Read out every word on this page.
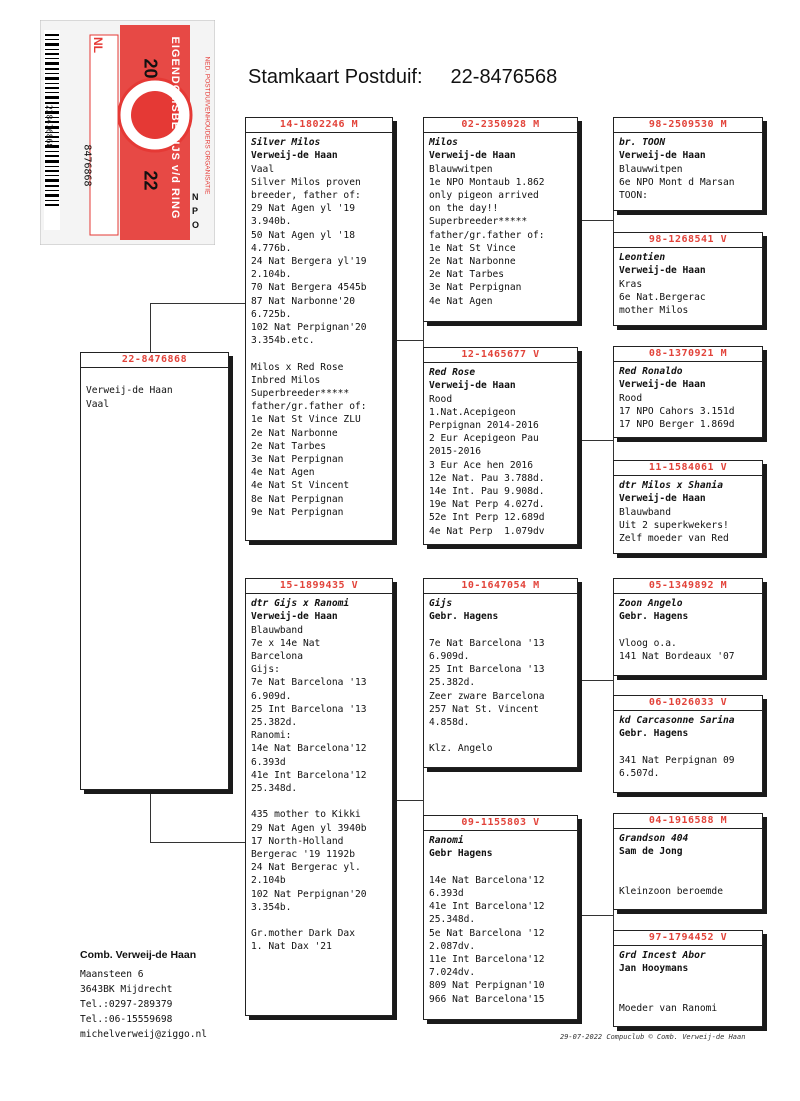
228476868	EIGENDOMSBEWIJS v/d RING	NED. POSTDUIVENHOUDERS ORGANISATIE
20
22
NL
8476868
N
P
O
Stamkaart Postduif: 22-8476568
22-8476868
Verweij-de Haan
Vaal
14-1802246 M
Silver Milos
Verweij-de Haan
Vaal
Silver Milos proven
breeder, father of:
29 Nat Agen yl '19
3.940b.
50 Nat Agen yl '18
4.776b.
24 Nat Bergera yl'19
2.104b.
70 Nat Bergera 4545b
87 Nat Narbonne'20
6.725b.
102 Nat Perpignan'20
3.354b.etc.
Milos x Red Rose
Inbred Milos
Superbreeder*****
father/gr.father of:
1e Nat St Vince ZLU
2e Nat Narbonne
2e Nat Tarbes
3e Nat Perpignan
4e Nat Agen
4e Nat St Vincent
8e Nat Perpignan
9e Nat Perpignan
15-1899435 V
dtr Gijs x Ranomi
Verweij-de Haan
Blauwband
7e x 14e Nat
Barcelona
Gijs:
7e Nat Barcelona '13
6.909d.
25 Int Barcelona '13
25.382d.
Ranomi:
14e Nat Barcelona'12
6.393d
41e Int Barcelona'12
25.348d.
435 mother to Kikki
29 Nat Agen yl 3940b
17 North-Holland
Bergerac '19 1192b
24 Nat Bergerac yl.
2.104b
102 Nat Perpignan'20
3.354b.
Gr.mother Dark Dax
1. Nat Dax '21
02-2350928 M
Milos
Verweij-de Haan
Blauwwitpen
1e NPO Montaub 1.862
only pigeon arrived
on the day!!
Superbreeder*****
father/gr.father of:
1e Nat St Vince
2e Nat Narbonne
2e Nat Tarbes
3e Nat Perpignan
4e Nat Agen
12-1465677 V
Red Rose
Verweij-de Haan
Rood
1.Nat.Acepigeon
Perpignan 2014-2016
2 Eur Acepigeon Pau
2015-2016
3 Eur Ace hen 2016
12e Nat. Pau 3.788d.
14e Int. Pau 9.908d.
19e Nat Perp 4.027d.
52e Int Perp 12.689d
4e Nat Perp  1.079dv
10-1647054 M
Gijs
Gebr. Hagens
7e Nat Barcelona '13
6.909d.
25 Int Barcelona '13
25.382d.
Zeer zware Barcelona
257 Nat St. Vincent
4.858d.
Klz. Angelo
09-1155803 V
Ranomi
Gebr Hagens
14e Nat Barcelona'12
6.393d
41e Int Barcelona'12
25.348d.
5e Nat Barcelona '12
2.087dv.
11e Int Barcelona'12
7.024dv.
809 Nat Perpignan'10
966 Nat Barcelona'15
98-2509530 M
br. TOON
Verweij-de Haan
Blauwwitpen
6e NPO Mont d Marsan
TOON:
98-1268541 V
Leontien
Verweij-de Haan
Kras
6e Nat.Bergerac
mother Milos
08-1370921 M
Red Ronaldo
Verweij-de Haan
Rood
17 NPO Cahors 3.151d
17 NPO Berger 1.869d
11-1584061 V
dtr Milos x Shania
Verweij-de Haan
Blauwband
Uit 2 superkwekers!
Zelf moeder van Red
05-1349892 M
Zoon Angelo
Gebr. Hagens
Vloog o.a.
141 Nat Bordeaux '07
06-1026033 V
kd Carcasonne Sarina
Gebr. Hagens
341 Nat Perpignan 09
6.507d.
04-1916588 M
Grandson 404
Sam de Jong
Kleinzoon beroemde
97-1794452 V
Grd Incest Abor
Jan Hooymans
Moeder van Ranomi
Comb. Verweij-de Haan
Maansteen 6
3643BK Mijdrecht
Tel.:0297-289379
Tel.:06-15559698
michelverweij@ziggo.nl	29-07-2022 Compuclub © Comb. Verweij-de Haan
